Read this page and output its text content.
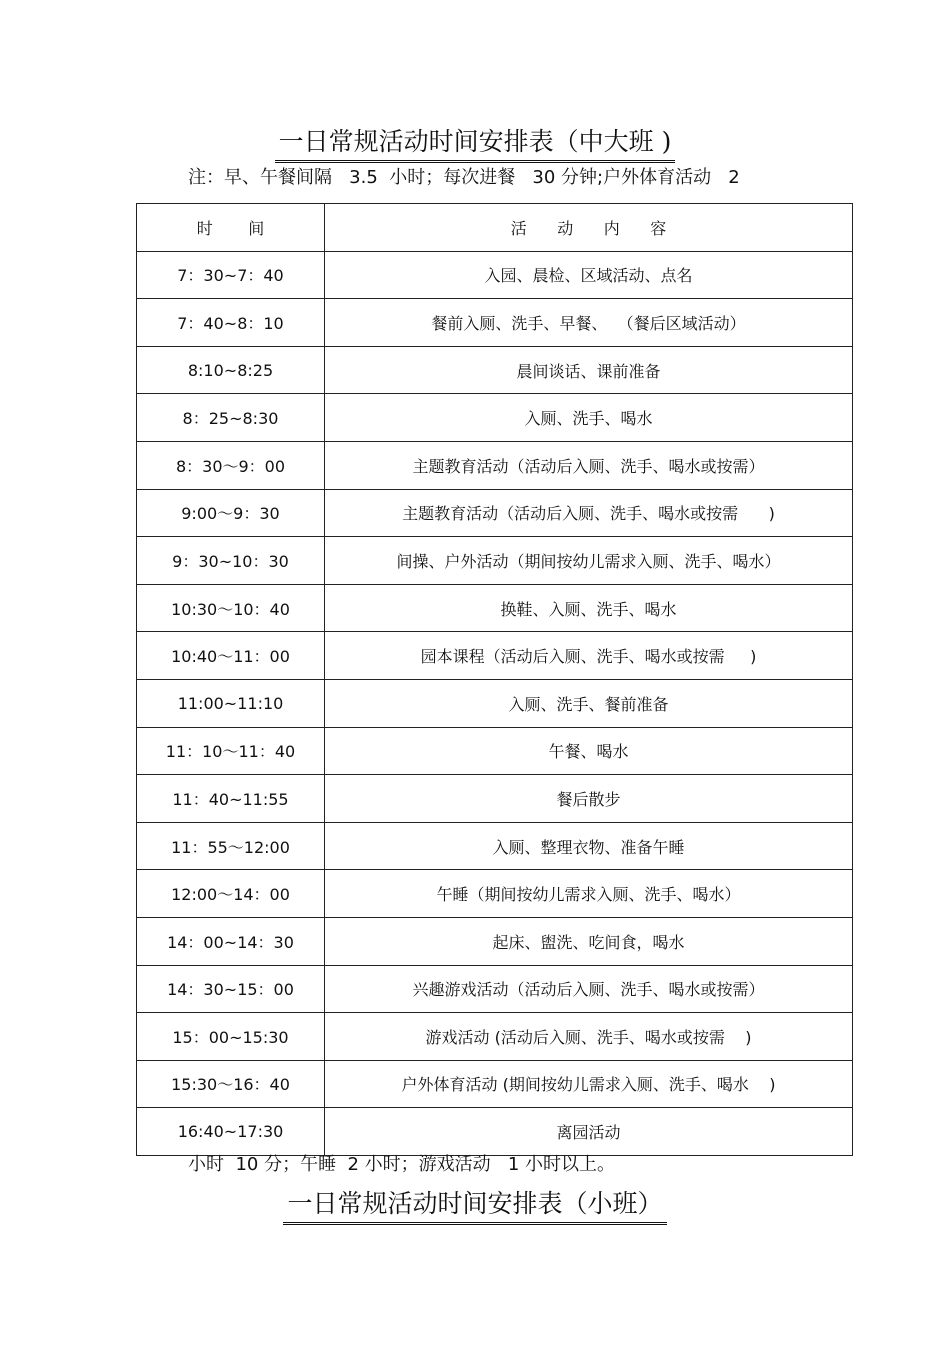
一日常规活动时间安排表（中大班 )
注：早、午餐间隔   3.5  小时；每次进餐   30 分钟;户外体育活动   2
时       间	活      动      内      容
7：30~7：40	入园、晨检、区域活动、点名
7：40~8：10	餐前入厕、洗手、早餐、  （餐后区域活动）
8:10~8:25	晨间谈话、课前准备
8：25~8:30	入厕、洗手、喝水
8：30～9：00	主题教育活动（活动后入厕、洗手、喝水或按需）
9:00～9：30	主题教育活动（活动后入厕、洗手、喝水或按需      )
9：30~10：30	间操、户外活动（期间按幼儿需求入厕、洗手、喝水）
10:30～10：40	换鞋、入厕、洗手、喝水
10:40～11：00	园本课程（活动后入厕、洗手、喝水或按需     )
11:00~11:10	入厕、洗手、餐前准备
11：10～11：40	午餐、喝水
11：40~11:55	餐后散步
11：55～12:00	入厕、整理衣物、准备午睡
12:00～14：00	午睡（期间按幼儿需求入厕、洗手、喝水）
14：00~14：30	起床、盥洗、吃间食，喝水
14：30~15：00	兴趣游戏活动（活动后入厕、洗手、喝水或按需）
15：00~15:30	游戏活动 (活动后入厕、洗手、喝水或按需    )
15:30～16：40	户外体育活动 (期间按幼儿需求入厕、洗手、喝水    )
16:40~17:30	离园活动
小时  10 分；午睡  2 小时；游戏活动   1 小时以上。
一日常规活动时间安排表（小班）
